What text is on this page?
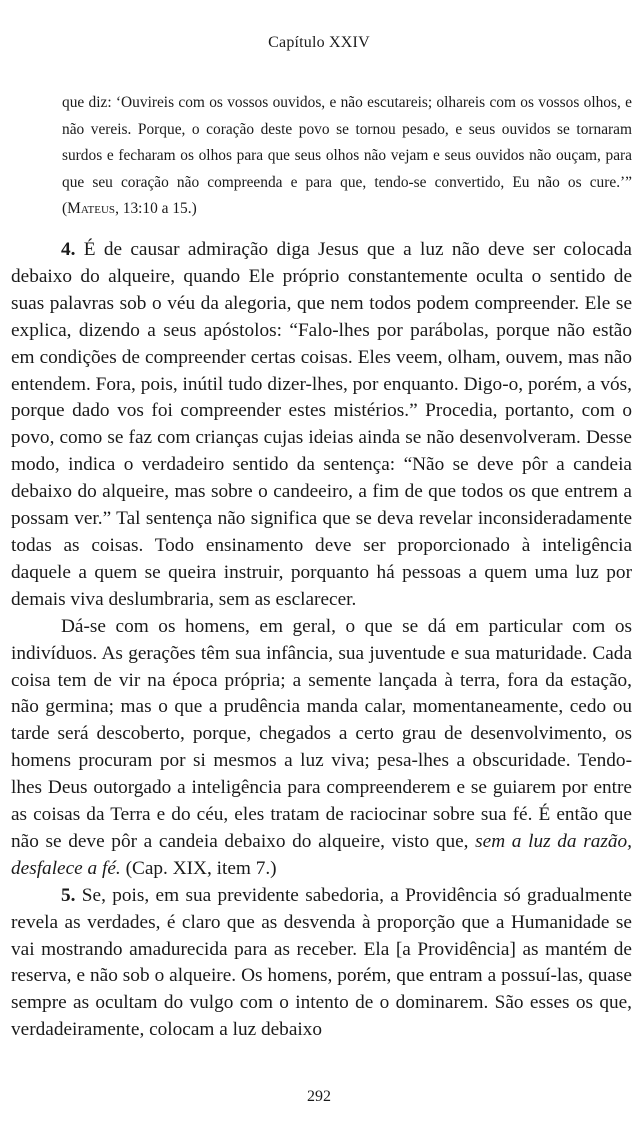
Capítulo XXIV
que diz: ‘Ouvireis com os vossos ouvidos, e não escutareis; olhareis com os vossos olhos, e não vereis. Porque, o coração deste povo se tornou pesado, e seus ouvidos se tornaram surdos e fecharam os olhos para que seus olhos não vejam e seus ouvidos não ouçam, para que seu coração não compreenda e para que, tendo-se convertido, Eu não os cure.’” (Mateus, 13:10 a 15.)

4. É de causar admiração diga Jesus que a luz não deve ser colocada debaixo do alqueire, quando Ele próprio constantemente oculta o sentido de suas palavras sob o véu da alegoria, que nem todos podem compreender. Ele se explica, dizendo a seus apóstolos: “Falo-lhes por parábolas, porque não estão em condições de compreender certas coisas. Eles veem, olham, ouvem, mas não entendem. Fora, pois, inútil tudo dizer-lhes, por enquanto. Digo-o, porém, a vós, porque dado vos foi compreender estes mistérios.” Procedia, portanto, com o povo, como se faz com crianças cujas ideias ainda se não desenvolveram. Desse modo, indica o verdadeiro sentido da sentença: “Não se deve pôr a candeia debaixo do alqueire, mas sobre o candeeiro, a fim de que todos os que entrem a possam ver.” Tal sentença não significa que se deva revelar inconsideradamente todas as coisas. Todo ensinamento deve ser proporcionado à inteligência daquele a quem se queira instruir, porquanto há pessoas a quem uma luz por demais viva deslumbraria, sem as esclarecer.

Dá-se com os homens, em geral, o que se dá em particular com os indivíduos. As gerações têm sua infância, sua juventude e sua maturidade. Cada coisa tem de vir na época própria; a semente lançada à terra, fora da estação, não germina; mas o que a prudência manda calar, momentaneamente, cedo ou tarde será descoberto, porque, chegados a certo grau de desenvolvimento, os homens procuram por si mesmos a luz viva; pesa-lhes a obscuridade. Tendo-lhes Deus outorgado a inteligência para compreenderem e se guiarem por entre as coisas da Terra e do céu, eles tratam de raciocinar sobre sua fé. É então que não se deve pôr a candeia debaixo do alqueire, visto que, sem a luz da razão, desfalece a fé. (Cap. XIX, item 7.)

5. Se, pois, em sua previdente sabedoria, a Providência só gradualmente revela as verdades, é claro que as desvenda à proporção que a Humanidade se vai mostrando amadurecida para as receber. Ela [a Providência] as mantém de reserva, e não sob o alqueire. Os homens, porém, que entram a possuí-las, quase sempre as ocultam do vulgo com o intento de o dominarem. São esses os que, verdadeiramente, colocam a luz debaixo

292
